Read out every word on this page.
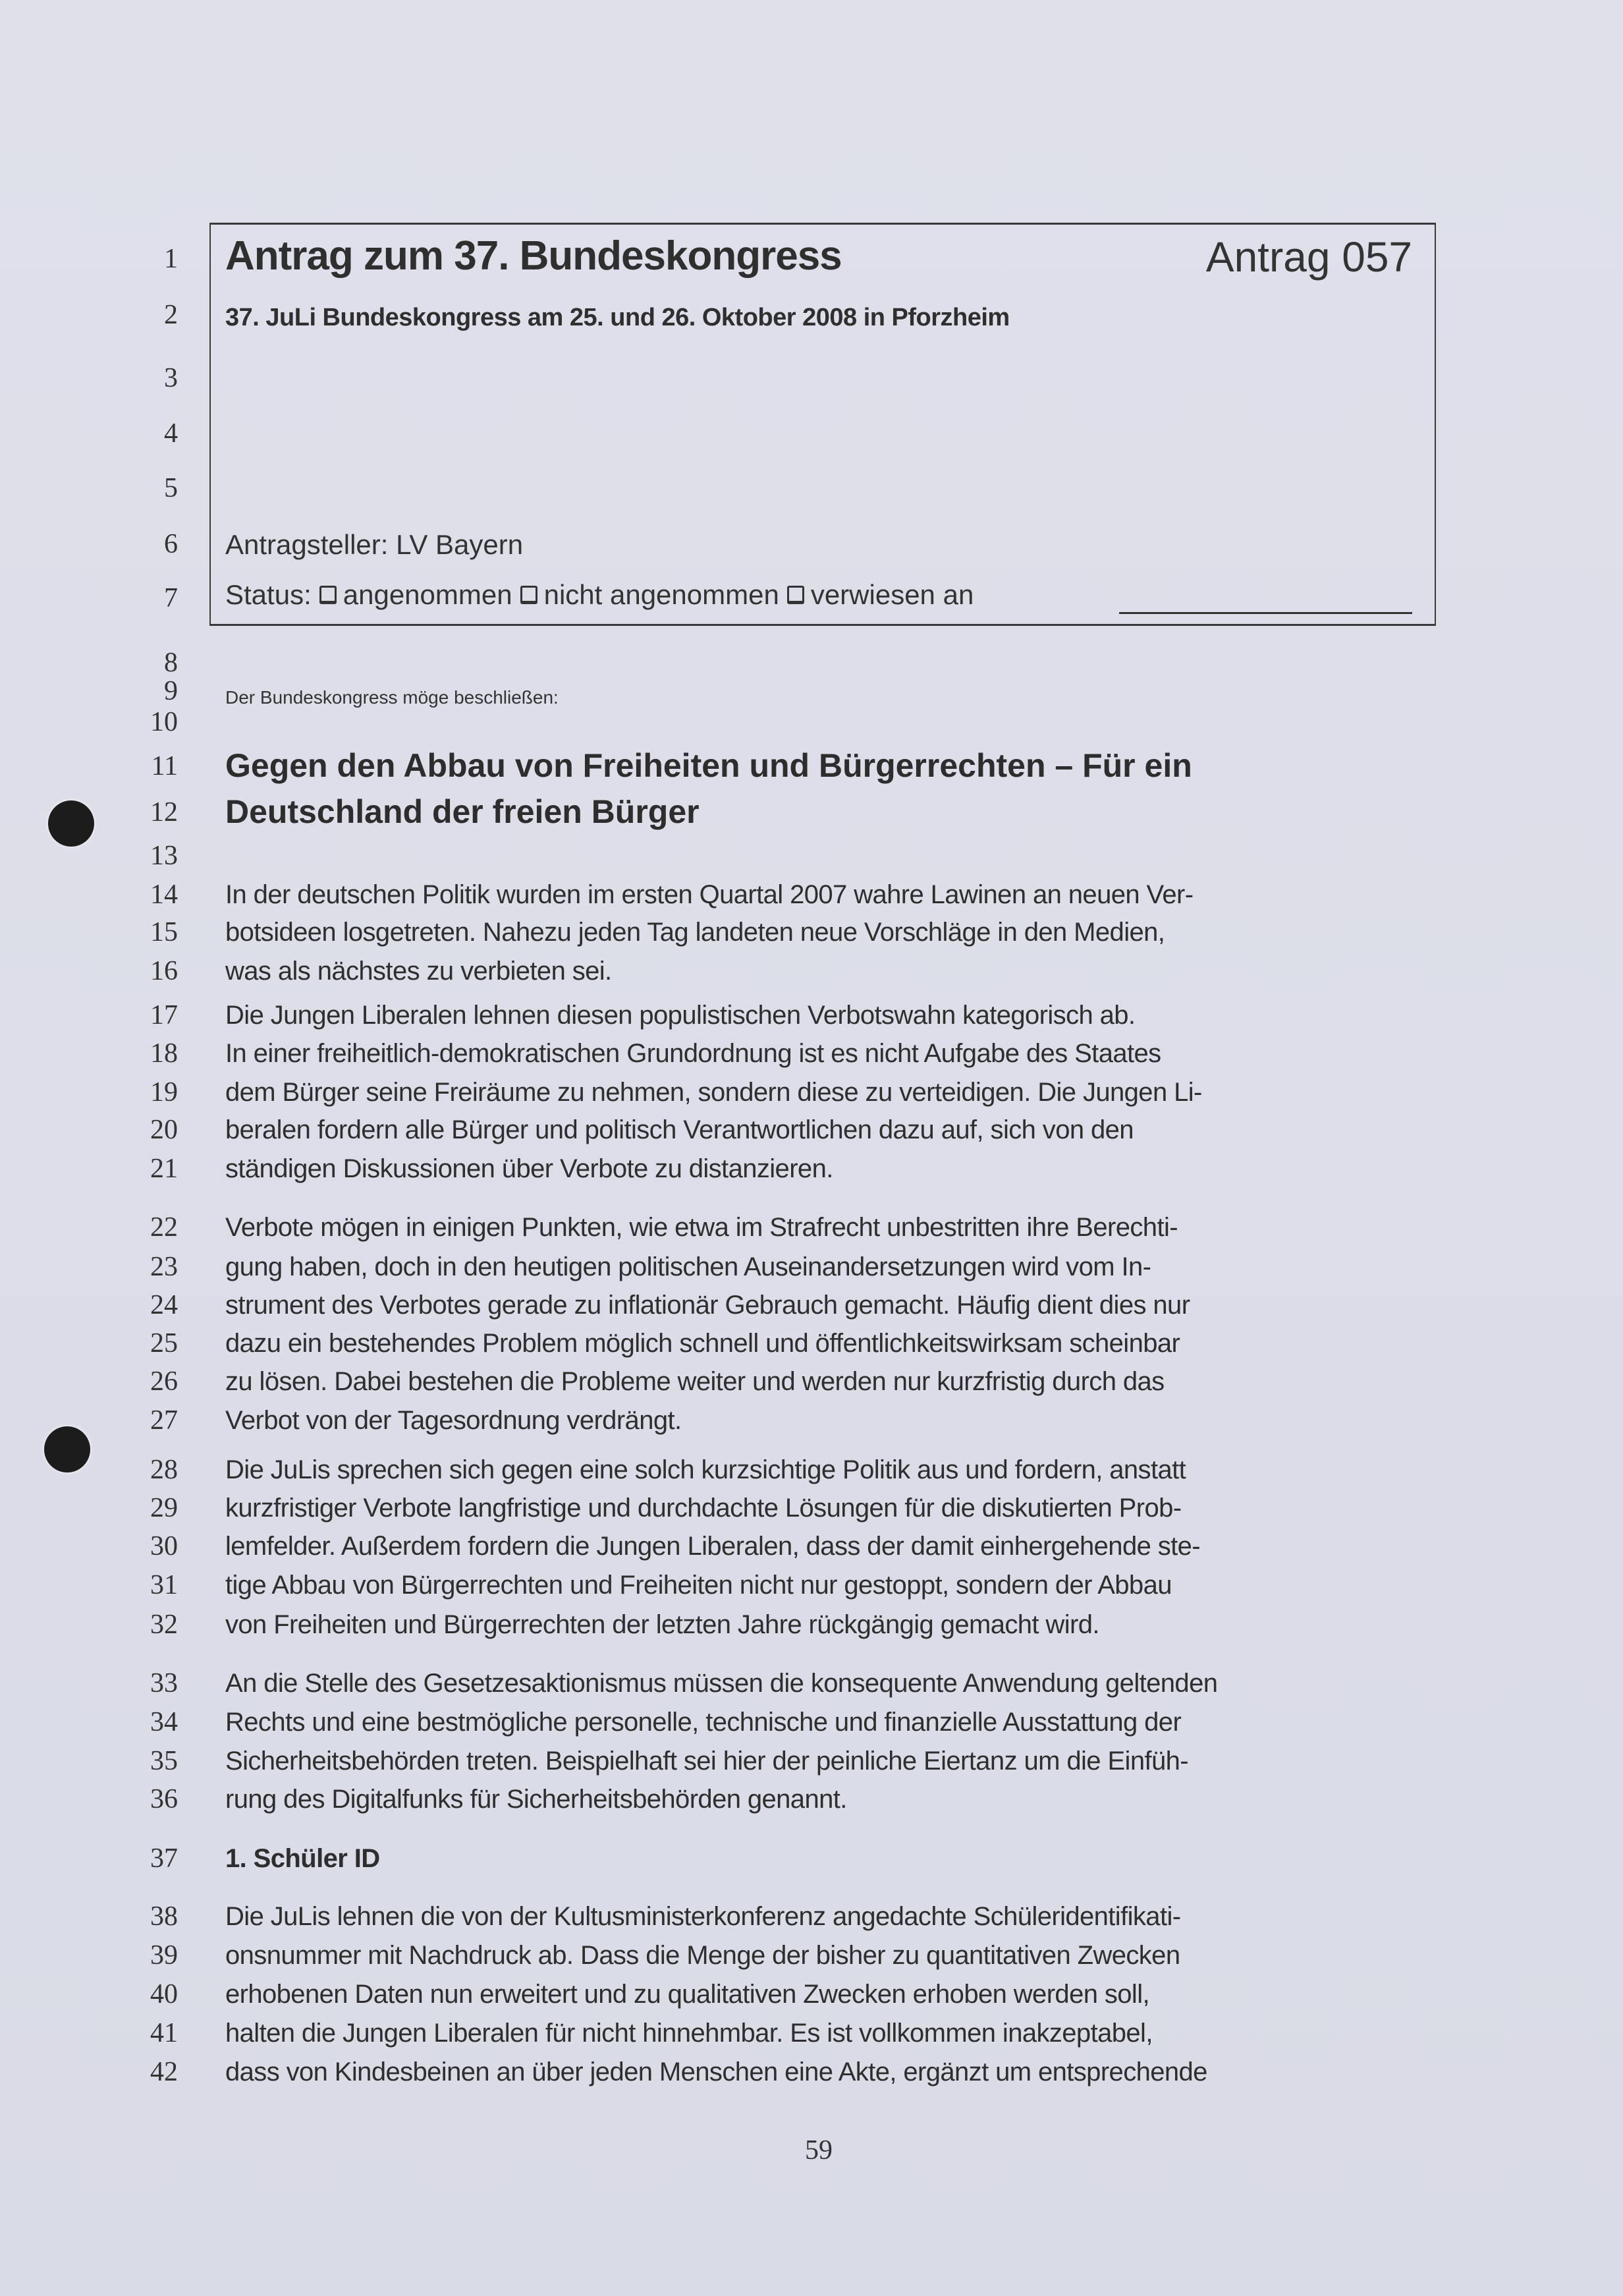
1
2
3
4
5
6
7
8
9
10
11
12
13
14
15
16
17
18
19
20
21
22
23
24
25
26
27
28
29
30
31
32
33
34
35
36
37
38
39
40
41
42
Antrag zum 37. Bundeskongress	Antrag 057
37. JuLi Bundeskongress am 25. und 26. Oktober 2008 in Pforzheim
Antragsteller: LV Bayern
Status: angenommen nicht angenommen verwiesen an
Der Bundeskongress möge beschließen:
Gegen den Abbau von Freiheiten und Bürgerrechten – Für ein
Deutschland der freien Bürger
In der deutschen Politik wurden im ersten Quartal 2007 wahre Lawinen an neuen Ver-
botsideen losgetreten. Nahezu jeden Tag landeten neue Vorschläge in den Medien,
was als nächstes zu verbieten sei.
Die Jungen Liberalen lehnen diesen populistischen Verbotswahn kategorisch ab.
In einer freiheitlich-demokratischen Grundordnung ist es nicht Aufgabe des Staates
dem Bürger seine Freiräume zu nehmen, sondern diese zu verteidigen. Die Jungen Li-
beralen fordern alle Bürger und politisch Verantwortlichen dazu auf, sich von den
ständigen Diskussionen über Verbote zu distanzieren.
Verbote mögen in einigen Punkten, wie etwa im Strafrecht unbestritten ihre Berechti-
gung haben, doch in den heutigen politischen Auseinandersetzungen wird vom In-
strument des Verbotes gerade zu inflationär Gebrauch gemacht. Häufig dient dies nur
dazu ein bestehendes Problem möglich schnell und öffentlichkeitswirksam scheinbar
zu lösen. Dabei bestehen die Probleme weiter und werden nur kurzfristig durch das
Verbot von der Tagesordnung verdrängt.
Die JuLis sprechen sich gegen eine solch kurzsichtige Politik aus und fordern, anstatt
kurzfristiger Verbote langfristige und durchdachte Lösungen für die diskutierten Prob-
lemfelder. Außerdem fordern die Jungen Liberalen, dass der damit einhergehende ste-
tige Abbau von Bürgerrechten und Freiheiten nicht nur gestoppt, sondern der Abbau
von Freiheiten und Bürgerrechten der letzten Jahre rückgängig gemacht wird.
An die Stelle des Gesetzesaktionismus müssen die konsequente Anwendung geltenden
Rechts und eine bestmögliche personelle, technische und finanzielle Ausstattung der
Sicherheitsbehörden treten. Beispielhaft sei hier der peinliche Eiertanz um die Einfüh-
rung des Digitalfunks für Sicherheitsbehörden genannt.
1. Schüler ID
Die JuLis lehnen die von der Kultusministerkonferenz angedachte Schüleridentifikati-
onsnummer mit Nachdruck ab. Dass die Menge der bisher zu quantitativen Zwecken
erhobenen Daten nun erweitert und zu qualitativen Zwecken erhoben werden soll,
halten die Jungen Liberalen für nicht hinnehmbar. Es ist vollkommen inakzeptabel,
dass von Kindesbeinen an über jeden Menschen eine Akte, ergänzt um entsprechende
59
